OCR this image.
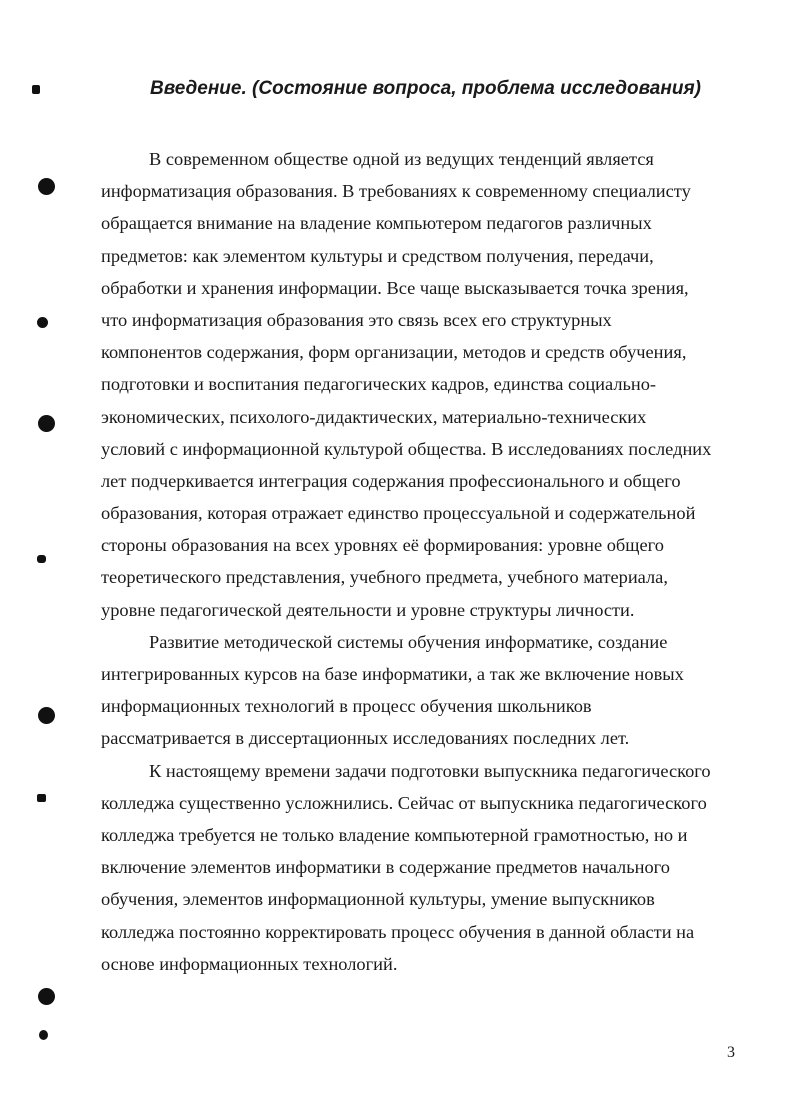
Введение. (Состояние вопроса, проблема исследования)

В современном обществе одной из ведущих тенденций является

информатизация образования. В требованиях к современному специалисту

обращается внимание на владение компьютером педагогов различных

предметов: как элементом культуры и средством получения, передачи,

обработки и хранения информации. Все чаще высказывается точка зрения,

что информатизация образования это связь всех его структурных

компонентов содержания, форм организации, методов и средств обучения,

подготовки и воспитания педагогических кадров, единства социально-

экономических, психолого-дидактических, материально-технических

условий с информационной культурой общества. В исследованиях последних

лет подчеркивается интеграция содержания профессионального и общего

образования, которая отражает единство процессуальной и содержательной

стороны образования на всех уровнях её формирования: уровне общего

теоретического представления, учебного предмета, учебного материала,

уровне педагогической деятельности и уровне структуры личности.

Развитие методической системы обучения информатике, создание

интегрированных курсов на базе информатики, а так же включение новых

информационных технологий в процесс обучения школьников

рассматривается в диссертационных исследованиях последних лет.

К настоящему времени задачи подготовки выпускника педагогического

колледжа существенно усложнились. Сейчас от выпускника педагогического

колледжа требуется не только владение компьютерной грамотностью, но и

включение элементов информатики в содержание предметов начального

обучения, элементов информационной культуры, умение выпускников

колледжа постоянно корректировать процесс обучения в данной области на

основе информационных технологий.

3
